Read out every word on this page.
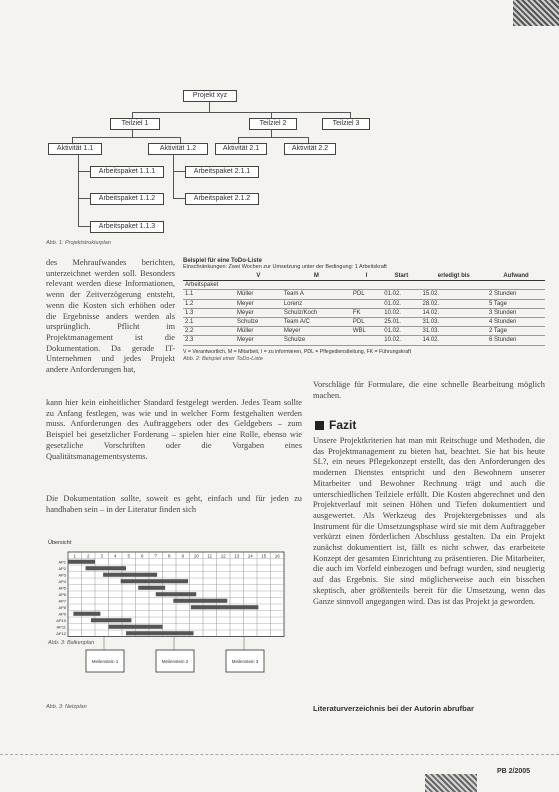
Projekt xyz
Teilziel 1	Teilziel 2	Teilziel 3
Aktivität 1.1	Aktivität 1.2	Aktivität 2.1	Aktivität 2.2
Arbeitspaket 1.1.1
Arbeitspaket 1.1.2
Arbeitspaket 1.1.3
Arbeitspaket 2.1.1
Arbeitspaket 2.1.2
Abb. 1: Projektstrukturplan
des Mehraufwandes berichten, unterzeichnet werden soll. Besonders relevant werden diese Informationen, wenn der Zeitverzögerung entsteht, wenn die Kosten sich erhöhen oder die Ergebnisse anders werden als ursprünglich. Pflicht im Projektmanagement ist die Dokumentation. Da gerade IT-Unternehmen und jedes Projekt andere Anforderungen hat,
Beispiel für eine ToDo-Liste
Einschränkungen: Zwei Wochen zur Umsetzung unter der Bedingung: 1 Arbeitskraft
	V	M	I	Start	erledigt bis	Aufwand
Arbeitspaket						
1.1	Müller	Team A	PDL	01.02.	15.02.	2 Stunden
1.2	Meyer	Lorenz		01.02.	28.02.	5 Tage
1.3	Meyer	Schulz/Koch	FK	10.02.	14.02.	3 Stunden
2.1	Schulze	Team A/C	PDL	25.01.	31.03.	4 Stunden
2.2	Müller	Meyer	WBL	01.02.	31.03.	2 Tage
2.3	Meyer	Schulze		10.02.	14.02.	6 Stunden
V = Verantwortlich, M = Mitarbeit, I = zu informieren, PDL = Pflegedienstleitung, FK = Führungskraft
Abb. 2: Beispiel einer ToDo-Liste
kann hier kein einheitlicher Standard festgelegt werden. Jedes Team sollte zu Anfang festlegen, was wie und in welcher Form festgehalten werden muss. Anforderungen des Auftraggebers oder des Geldgebers – zum Beispiel bei gesetzlicher Forderung – spielen hier eine Rolle, ebenso wie gesetzliche Vorschriften oder die Vorgaben eines Qualitätsmanagementsystems.
Die Dokumentation sollte, soweit es geht, einfach und für jeden zu handhaben sein – in der Literatur finden sich
Vorschläge für Formulare, die eine schnelle Bearbeitung möglich machen.
Fazit
Unsere Projektkriterien hat man mit Reitschuge und Methoden, die das Projektmanagement zu bieten hat, beachtet. Sie hat bis heute SL?, ein neues Pflegekonzept erstellt, das den Anforderungen des modernen Dienstes entspricht und den Bewohnern unserer Mitarbeiter und Bewohner Rechnung trägt und auch die unterschiedlichen Teilziele erfüllt. Die Kosten abgerechnet und den Projektverlauf mit seinen Höhen und Tiefen dokumentiert und ausgewertet. Als Werkzeug des Projektergebnisses und als Instrument für die Umsetzungsphase wird sie mit dem Auftraggeber verkürzt einen förderlichen Abschluss gestalten. Da ein Projekt zunächst dokumentiert ist, fällt es nicht schwer, das erarbeitete Konzept der gesamten Einrichtung zu präsentieren. Die Mitarbeiter, die auch im Vorfeld einbezogen und befragt wurden, sind neugierig auf das Ergebnis. Sie sind möglicherweise auch ein bisschen skeptisch, aber größtenteils bereit für die Umsetzung, wenn das Ganze sinnvoll angegangen wird. Das ist das Projekt ja geworden.
Literaturverzeichnis bei der Autorin abrufbar
Übersicht
1 2 3 4 5 6 7 8 9 10 11 12 13 14 15 16
AP1
AP2
AP3
AP4
AP5
AP6
AP7
AP8
AP9
AP10
AP11
AP12
Meilenstein 1	Meilenstein 2	Meilenstein 3
Abb. 3: Balkenplan
Abb. 3: Netzplan
PB 2/2005
